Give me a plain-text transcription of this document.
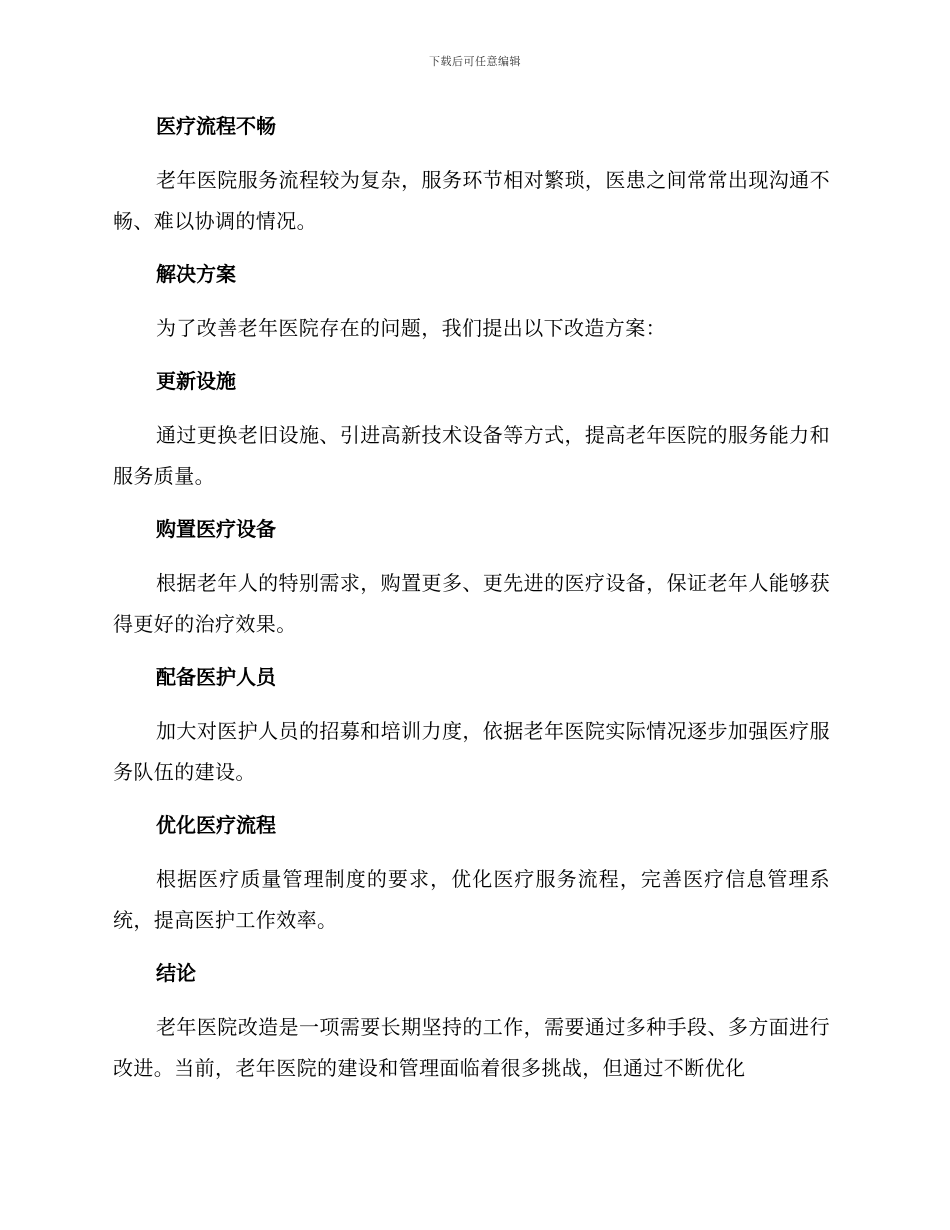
下载后可任意编辑
医疗流程不畅

老年医院服务流程较为复杂，服务环节相对繁琐，医患之间常常出现沟通不畅、难以协调的情况。

解决方案

为了改善老年医院存在的问题，我们提出以下改造方案：

更新设施

通过更换老旧设施、引进高新技术设备等方式，提高老年医院的服务能力和服务质量。

购置医疗设备

根据老年人的特别需求，购置更多、更先进的医疗设备，保证老年人能够获得更好的治疗效果。

配备医护人员

加大对医护人员的招募和培训力度，依据老年医院实际情况逐步加强医疗服务队伍的建设。

优化医疗流程

根据医疗质量管理制度的要求，优化医疗服务流程，完善医疗信息管理系统，提高医护工作效率。

结论

老年医院改造是一项需要长期坚持的工作，需要通过多种手段、多方面进行改进。当前，老年医院的建设和管理面临着很多挑战，但通过不断优化
